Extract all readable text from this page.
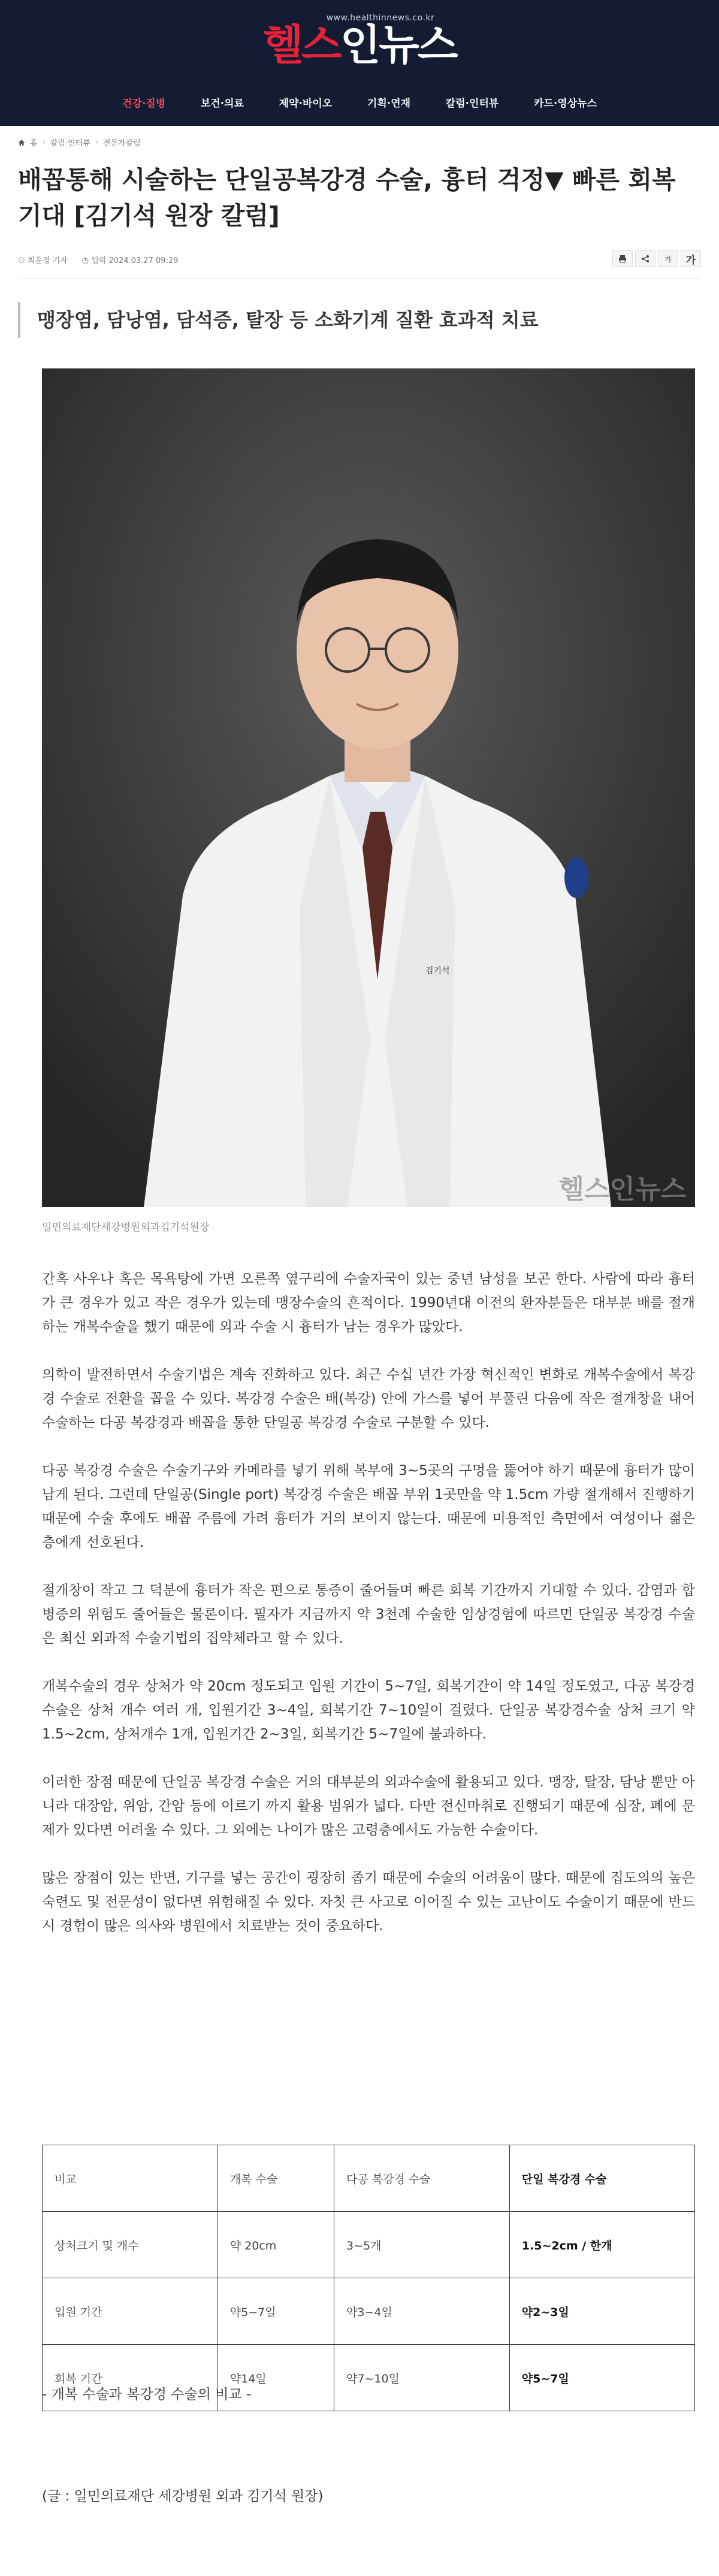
www.healthinnews.co.kr
헬스인뉴스
건강·질병	보건·의료	제약·바이오	기획·연재	칼럼·인터뷰	카드·영상뉴스
홈 › 칼럼·인터뷰 › 전문가칼럼
배꼽통해 시술하는 단일공복강경 수술, 흉터 걱정▼ 빠른 회복 기대 [김기석 원장 칼럼]
⚇ 최윤정 기자 ◷ 입력 2024.03.27 09:29	가	가
맹장염, 담낭염, 담석증, 탈장 등 소화기계 질환 효과적 치료
김기석
헬스인뉴스
일민의료재단세강병원외과김기석원장

간혹 사우나 혹은 목욕탕에 가면 오른쪽 옆구리에 수술자국이 있는 중년 남성을 보곤 한다. 사람에 따라 흉터가 큰 경우가 있고 작은 경우가 있는데 맹장수술의 흔적이다. 1990년대 이전의 환자분들은 대부분 배를 절개하는 개복수술을 했기 때문에 외과 수술 시 흉터가 남는 경우가 많았다.

의학이 발전하면서 수술기법은 계속 진화하고 있다. 최근 수십 년간 가장 혁신적인 변화로 개복수술에서 복강경 수술로 전환을 꼽을 수 있다. 복강경 수술은 배(복강) 안에 가스를 넣어 부풀린 다음에 작은 절개창을 내어 수술하는 다공 복강경과 배꼽을 통한 단일공 복강경 수술로 구분할 수 있다.

다공 복강경 수술은 수술기구와 카메라를 넣기 위해 복부에 3~5곳의 구멍을 뚫어야 하기 때문에 흉터가 많이 남게 된다. 그런데 단일공(Single port) 복강경 수술은 배꼽 부위 1곳만을 약 1.5cm 가량 절개해서 진행하기 때문에 수술 후에도 배꼽 주름에 가려 흉터가 거의 보이지 않는다. 때문에 미용적인 측면에서 여성이나 젊은 층에게 선호된다.

절개창이 작고 그 덕분에 흉터가 작은 편으로 통증이 줄어들며 빠른 회복 기간까지 기대할 수 있다. 감염과 합병증의 위험도 줄어들은 물론이다. 필자가 지금까지 약 3천례 수술한 임상경험에 따르면 단일공 복강경 수술은 최신 외과적 수술기법의 집약체라고 할 수 있다.

개복수술의 경우 상처가 약 20cm 정도되고 입원 기간이 5~7일, 회복기간이 약 14일 정도였고, 다공 복강경수술은 상처 개수 여러 개, 입원기간 3~4일, 회복기간 7~10일이 걸렸다. 단일공 복강경수술 상처 크기 약1.5~2cm, 상처개수 1개, 입원기간 2~3일, 회복기간 5~7일에 불과하다.

이러한 장점 때문에 단일공 복강경 수술은 거의 대부분의 외과수술에 활용되고 있다. 맹장, 탈장, 담낭 뿐만 아니라 대장암, 위암, 간암 등에 이르기 까지 활용 범위가 넓다. 다만 전신마취로 진행되기 때문에 심장, 폐에 문제가 있다면 어려울 수 있다. 그 외에는 나이가 많은 고령층에서도 가능한 수술이다.

많은 장점이 있는 반면, 기구를 넣는 공간이 굉장히 좁기 때문에 수술의 어려움이 많다. 때문에 집도의의 높은 숙련도 및 전문성이 없다면 위험해질 수 있다. 자칫 큰 사고로 이어질 수 있는 고난이도 수술이기 때문에 반드시 경험이 많은 의사와 병원에서 치료받는 것이 중요하다.

비교	개복 수술	다공 복강경 수술	단일 복강경 수술
상처크기 및 개수	약 20cm	3~5개	1.5~2cm / 한개
입원 기간	약5~7일	약3~4일	약2~3일
회복 기간	약14일	약7~10일	약5~7일
- 개복 수술과 복강경 수술의 비교 -
(글 : 일민의료재단 세강병원 외과 김기석 원장)
